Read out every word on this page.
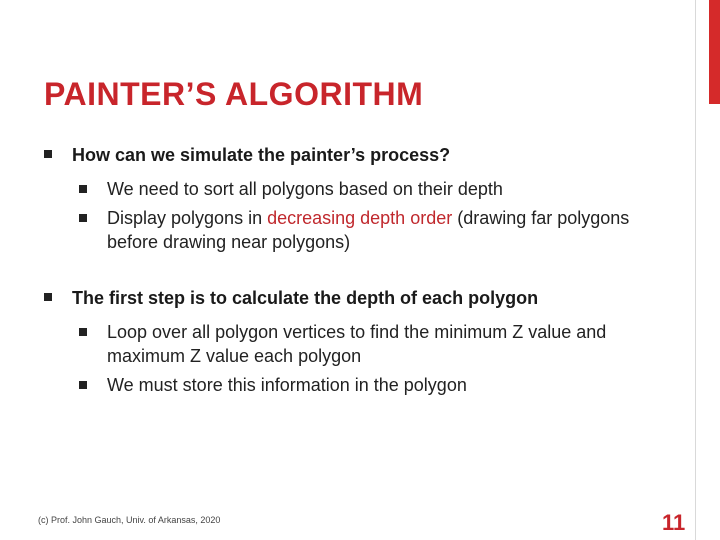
PAINTER’S ALGORITHM
How can we simulate the painter’s process?
We need to sort all polygons based on their depth
Display polygons in decreasing depth order (drawing far polygons before drawing near polygons)
The first step is to calculate the depth of each polygon
Loop over all polygon vertices to find the minimum Z value and maximum Z value each polygon
We must store this information in the polygon
(c) Prof. John Gauch, Univ. of Arkansas, 2020	11
